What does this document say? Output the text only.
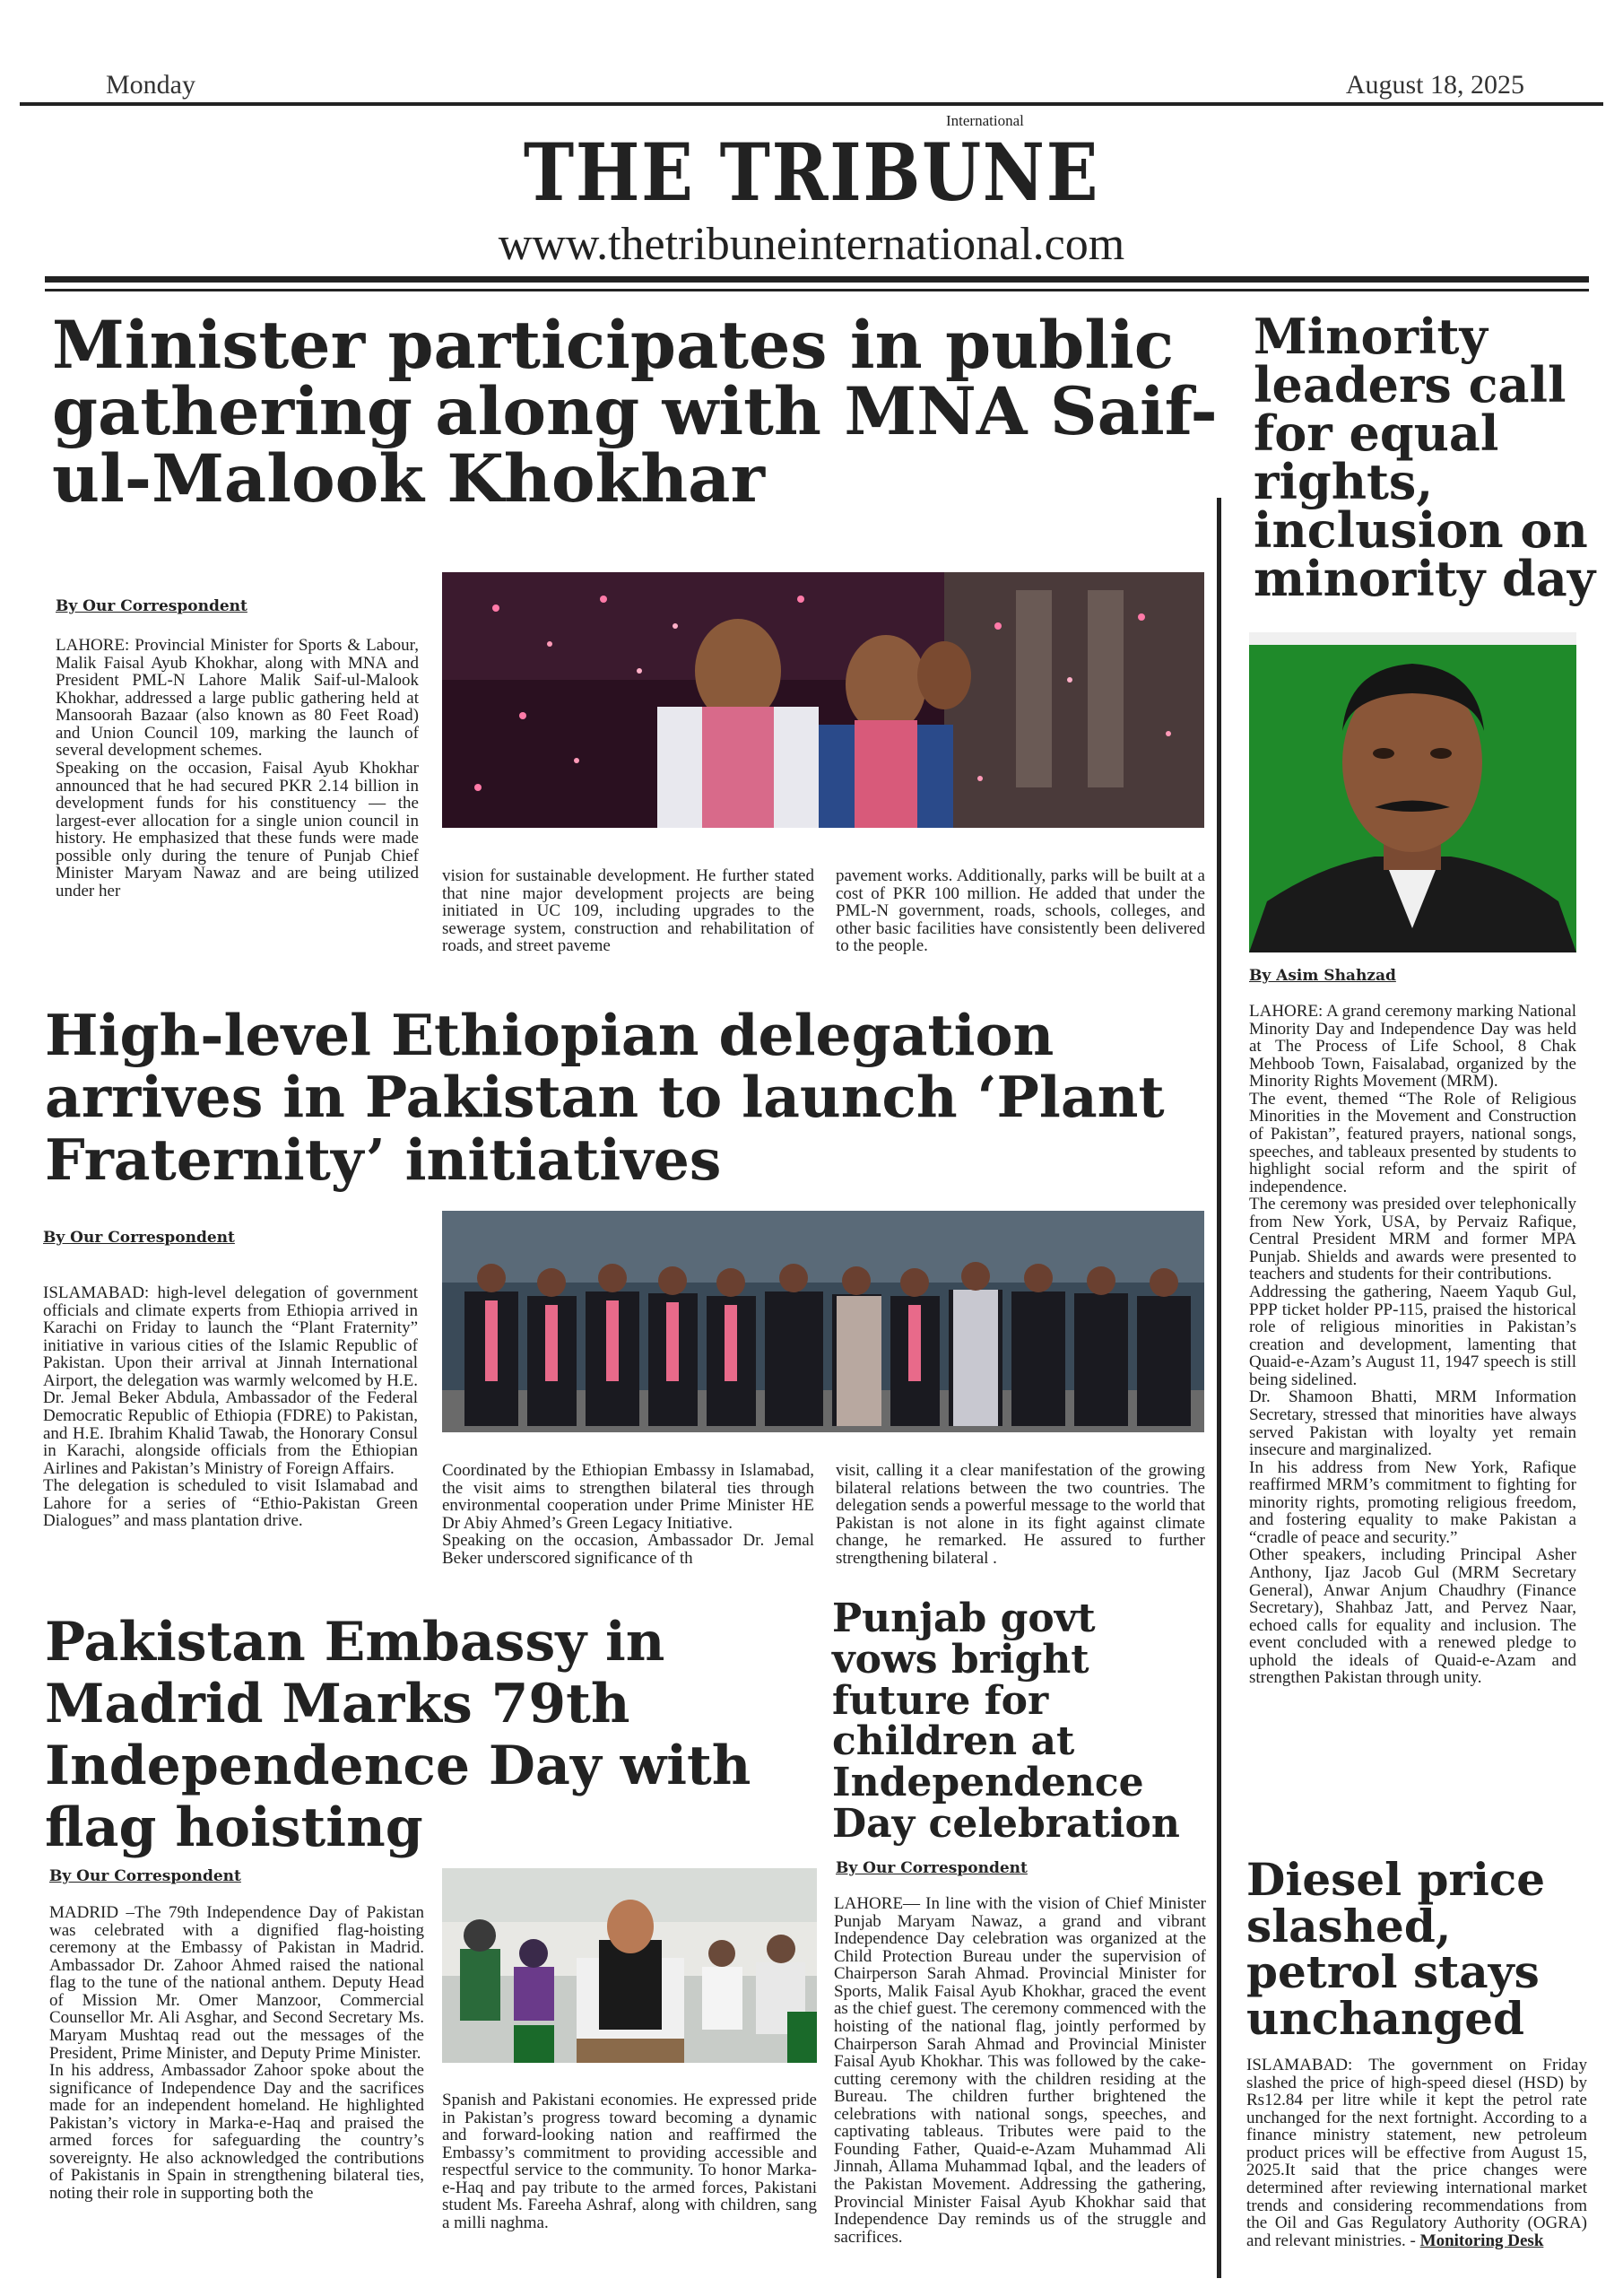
Monday	August 18, 2025
International
THE TRIBUNE
www.thetribuneinternational.com
Minister participates in public gathering along with MNA Saif-ul-Malook Khokhar
By Our Correspondent

LAHORE: Provincial Minister for Sports & Labour, Malik Faisal Ayub Khokhar, along with MNA and President PML-N Lahore Malik Saif-ul-Malook Khokhar, addressed a large public gathering held at Mansoorah Bazaar (also known as 80 Feet Road) and Union Council 109, marking the launch of several development schemes.

Speaking on the occasion, Faisal Ayub Khokhar announced that he had secured PKR 2.14 billion in development funds for his constituency — the largest-ever allocation for a single union council in history. He emphasized that these funds were made possible only during the tenure of Punjab Chief Minister Maryam Nawaz and are being utilized under her

vision for sustainable development. He further stated that nine major development projects are being initiated in UC 109, including upgrades to the sewerage system, construction and rehabilitation of roads, and street paveme
pavement works. Additionally, parks will be built at a cost of PKR 100 million. He added that under the PML-N government, roads, schools, colleges, and other basic facilities have consistently been delivered to the people.
High-level Ethiopian delegation arrives in Pakistan to launch ‘Plant Fraternity’ initiatives
By Our Correspondent

ISLAMABAD: high-level delegation of government officials and climate experts from Ethiopia arrived in Karachi on Friday to launch the “Plant Fraternity” initiative in various cities of the Islamic Republic of Pakistan. Upon their arrival at Jinnah International Airport, the delegation was warmly welcomed by H.E. Dr. Jemal Beker Abdula, Ambassador of the Federal Democratic Republic of Ethiopia (FDRE) to Pakistan, and H.E. Ibrahim Khalid Tawab, the Honorary Consul in Karachi, alongside officials from the Ethiopian Airlines and Pakistan’s Ministry of Foreign Affairs.

The delegation is scheduled to visit Islamabad and Lahore for a series of “Ethio-Pakistan Green Dialogues” and mass plantation drive.

Coordinated by the Ethiopian Embassy in Islamabad, the visit aims to strengthen bilateral ties through environmental cooperation under Prime Minister HE Dr Abiy Ahmed’s Green Legacy Initiative.

Speaking on the occasion, Ambassador Dr. Jemal Beker underscored significance of th

visit, calling it a clear manifestation of the growing bilateral relations between the two countries. The delegation sends a powerful message to the world that Pakistan is not alone in its fight against climate change, he remarked. He assured to further strengthening bilateral .
Pakistan Embassy in Madrid Marks 79th Independence Day with flag hoisting
By Our Correspondent

MADRID –The 79th Independence Day of Pakistan was celebrated with a dignified flag-hoisting ceremony at the Embassy of Pakistan in Madrid. Ambassador Dr. Zahoor Ahmed raised the national flag to the tune of the national anthem. Deputy Head of Mission Mr. Omer Manzoor, Commercial Counsellor Mr. Ali Asghar, and Second Secretary Ms. Maryam Mushtaq read out the messages of the President, Prime Minister, and Deputy Prime Minister.

In his address, Ambassador Zahoor spoke about the significance of Independence Day and the sacrifices made for an independent homeland. He highlighted Pakistan’s victory in Marka-e-Haq and praised the armed forces for safeguarding the country’s sovereignty. He also acknowledged the contributions of Pakistanis in Spain in strengthening bilateral ties, noting their role in supporting both the

Spanish and Pakistani economies. He expressed pride in Pakistan’s progress toward becoming a dynamic and forward-looking nation and reaffirmed the Embassy’s commitment to providing accessible and respectful service to the community. To honor Marka-e-Haq and pay tribute to the armed forces, Pakistani student Ms. Fareeha Ashraf, along with children, sang a milli naghma.
Punjab govt vows bright future for children at Independence Day celebration
By Our Correspondent
LAHORE— In line with the vision of Chief Minister Punjab Maryam Nawaz, a grand and vibrant Independence Day celebration was organized at the Child Protection Bureau under the supervision of Chairperson Sarah Ahmad. Provincial Minister for Sports, Malik Faisal Ayub Khokhar, graced the event as the chief guest. The ceremony commenced with the hoisting of the national flag, jointly performed by Chairperson Sarah Ahmad and Provincial Minister Faisal Ayub Khokhar. This was followed by the cake-cutting ceremony with the children residing at the Bureau. The children further brightened the celebrations with national songs, speeches, and captivating tableaus. Tributes were paid to the Founding Father, Quaid-e-Azam Muhammad Ali Jinnah, Allama Muhammad Iqbal, and the leaders of the Pakistan Movement. Addressing the gathering, Provincial Minister Faisal Ayub Khokhar said that Independence Day reminds us of the struggle and sacrifices.
Minority leaders call for equal rights, inclusion on minority day
By Asim Shahzad

LAHORE: A grand ceremony marking National Minority Day and Independence Day was held at The Process of Life School, 8 Chak Mehboob Town, Faisalabad, organized by the Minority Rights Movement (MRM).

The event, themed “The Role of Religious Minorities in the Movement and Construction of Pakistan”, featured prayers, national songs, speeches, and tableaux presented by students to highlight social reform and the spirit of independence.

The ceremony was presided over telephonically from New York, USA, by Pervaiz Rafique, Central President MRM and former MPA Punjab. Shields and awards were presented to teachers and students for their contributions.

Addressing the gathering, Naeem Yaqub Gul, PPP ticket holder PP-115, praised the historical role of religious minorities in Pakistan’s creation and development, lamenting that Quaid-e-Azam’s August 11, 1947 speech is still being sidelined.

Dr. Shamoon Bhatti, MRM Information Secretary, stressed that minorities have always served Pakistan with loyalty yet remain insecure and marginalized.

In his address from New York, Rafique reaffirmed MRM’s commitment to fighting for minority rights, promoting religious freedom, and fostering equality to make Pakistan a “cradle of peace and security.”

Other speakers, including Principal Asher Anthony, Ijaz Jacob Gul (MRM Secretary General), Anwar Anjum Chaudhry (Finance Secretary), Shahbaz Jatt, and Pervez Naar, echoed calls for equality and inclusion. The event concluded with a renewed pledge to uphold the ideals of Quaid-e-Azam and strengthen Pakistan through unity.

Diesel price slashed, petrol stays unchanged
ISLAMABAD: The government on Friday slashed the price of high-speed diesel (HSD) by Rs12.84 per litre while it kept the petrol rate unchanged for the next fortnight. According to a finance ministry statement, new petroleum product prices will be effective from August 15, 2025.It said that the price changes were determined after reviewing international market trends and considering recommendations from the Oil and Gas Regulatory Authority (OGRA) and relevant ministries. - Monitoring Desk
